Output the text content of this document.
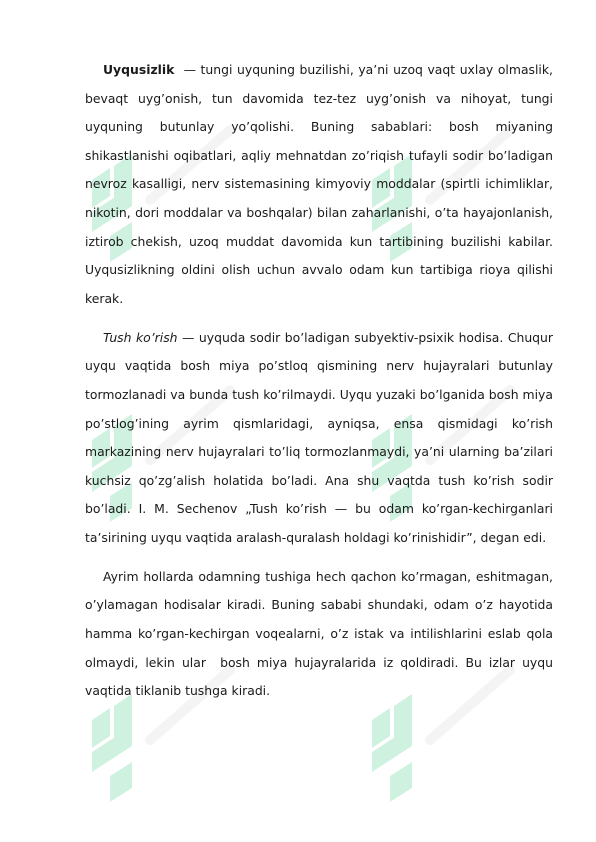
Uyqusizlik  — tungi uyquning buzilishi, ya’ni uzoq vaqt uxlay olmaslik, bevaqt uyg’onish, tun davomida tez-tez uyg’onish va nihoyat, tungi uyquning butunlay yo’qolishi. Buning sabablari: bosh miyaning shikastlanishi oqibatlari, aqliy mehnatdan zo’riqish tufayli sodir bo’ladigan nevroz kasalligi, nerv sistemasining kimyoviy moddalar (spirtli ichimliklar, nikotin, dori moddalar va boshqalar) bilan zaharlanishi, o’ta hayajonlanish, iztirob chekish, uzoq muddat davomida kun tartibining buzilishi kabilar. Uyqusizlikning oldini olish uchun avvalo odam kun tartibiga rioya qilishi kerak.

Tush ko’rish — uyquda sodir bo’ladigan subyektiv-psixik hodisa. Chuqur uyqu vaqtida bosh miya po’stloq qismining nerv hujayralari butunlay tormozlanadi va bunda tush ko’rilmaydi. Uyqu yuzaki bo’lganida bosh miya po’stlog’ining ayrim qismlaridagi, ayniqsa, ensa qismidagi ko’rish markazining nerv hujayralari to’liq tormozlanmaydi, ya’ni ularning ba’zilari kuchsiz qo’zg’alish holatida bo’ladi. Ana shu vaqtda tush ko’rish sodir bo’ladi. I. M. Sechenov „Tush ko’rish — bu odam ko’rgan-kechirganlari ta’sirining uyqu vaqtida aralash-quralash holdagi ko’rinishidir”, degan edi.

Ayrim hollarda odamning tushiga hech qachon ko’rmagan, eshitmagan, o’ylamagan hodisalar kiradi. Buning sababi shundaki, odam o’z hayotida hamma ko’rgan-kechirgan voqealarni, o’z istak va intilishlarini eslab qola olmaydi, lekin ular  bosh miya hujayralarida iz qoldiradi. Bu izlar uyqu vaqtida tiklanib tushga kiradi.
